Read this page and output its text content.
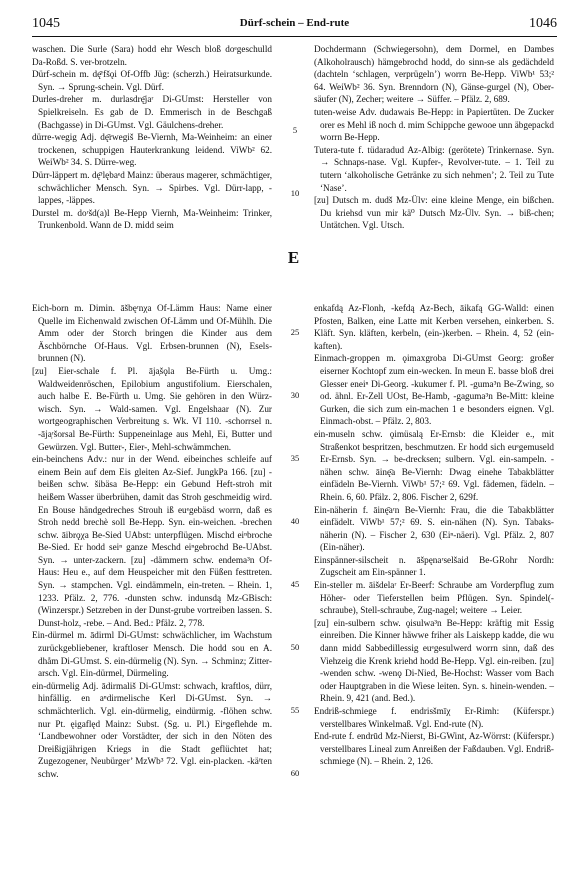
1045	Dürf-schein – End-rute	1046

waschen. Die Surle (Sara) hodd ehr Wesch bloß doᵉgeschulld Da-Roßd. S. ver-brotzeln.

Dürf-schein m. dę̄ʳfšǫi Of-Offb Jüg: (scherzh.) Heiratsurkunde. Syn. → Sprung-schein. Vgl. Dürf.

Durles-dreher m. durlasdrę̄jaʳ Di-GUmst: Hersteller von Spielkreiseln. Es gab de D. Emmerisch in de Beschgaß (Bachgasse) in Di-GUmst. Vgl. Gäulchens-dreher.

dürre-wegig Adj. dę̄rwegiš Be-Viernh, Ma-Weinheim: an einer trockenen, schuppigen Hauterkrankung leidend. ViWb² 62. WeiWb² 34. S. Dürre-weg.

Dürr-läppert m. dę̄ʳlębaᵉd Mainz: überaus magerer, schmächtiger, schwächlicher Mensch. Syn. → Spirbes. Vgl. Dürr-lapp, -lappes, -läppes.

Durstel m. doʳšd(a)l Be-Hepp Viernh, Ma-Weinheim: Trinker, Trunkenbold. Wann de D. midd seim

5
10

Dochdermann (Schwiegersohn), dem Dormel, en Dambes (Alkoholrausch) hämgebrochd hodd, do sinn-se als gedächdeld (dachteln ‘schlagen, verprügeln’) worrn Be-Hepp. ViWb¹ 53;² 64. WeiWb² 36. Syn. Brenndorn (N), Gänse-gurgel (N), Ober-säufer (N), Zecher; weitere → Süffer. – Pfälz. 2, 689.

tuten-weise Adv. dudawais Be-Hepp: in Papiertüten. De Zucker orer es Mehl iß noch d. mim Schippche gewooe unn äbgepackd worrn Be-Hepp.

Tutera-tute f. tüdaradud Az-Albig: (gerötete) Trinkernase. Syn. → Schnaps-nase. Vgl. Kupfer-, Revolver-tute. – 1. Teil zu tutern ‘alkoholische Getränke zu sich nehmen’; 2. Teil zu Tute ‘Nase’.

[zu] Dutsch m. dudš Mz-Ülv: eine kleine Menge, ein bißchen. Du kriehsd vun mir kä⁰ Dutsch Mz-Ülv. Syn. → biß-chen; Untätchen. Vgl. Utsch.

E

Eich-born m. Dimin. āšbęʳnχa Of-Lämm Haus: Name einer Quelle im Eichenwald zwischen Of-Lämm und Of-Mühlh. Die Amm oder der Storch bringen die Kinder aus dem Äschbörnche Of-Haus. Vgl. Erbsen-brunnen (N), Esels-brunnen (N).

[zu] Eier-schale f. Pl. āja̜šǫla Be-Fürth u. Umg.: Waldweidenröschen, Epilobium angustifolium. Eierschalen, auch halbe E. Be-Fürth u. Umg. Sie gehören in den Würz-wisch. Syn. → Wald-samen. Vgl. Engelshaar (N). Zur wortgeographischen Verbreitung s. Wk. VI 110. -schorrsel n. -āja̜ʳšorsal Be-Fürth: Suppeneinlage aus Mehl, Ei, Butter und Gewürzen. Vgl. Butter-, Eier-, Mehl-schwämmchen.

ein-beinchens Adv.: nur in der Wend. eibeinches schleife auf einem Bein auf dem Eis gleiten Az-Sief. JungkPa 166. [zu] -beißen schw. šibäsa Be-Hepp: ein Gebund Heft-stroh mit heißem Wasser überbrühen, damit das Stroh geschmeidig wird. En Bouse händgedreches Strouh iß euᵉgebäsd worrn, daß es Stroh nedd brechè soll Be-Hepp. Syn. ein-weichen. -brechen schw. āibrǫχa Be-Sied UAbst: unterpflügen. Mischd eiⁿbroche Be-Sied. Er hodd seiⁿ ganze Meschd eiⁿgebrochd Be-UAbst. Syn. → unter-zackern. [zu] -dämmern schw. endema³n Of-Haus: Heu e., auf dem Heuspeicher mit den Füßen festtreten. Syn. → stampchen. Vgl. eindämmeln, ein-treten. – Rhein. 1, 1233. Pfälz. 2, 776. -dunsten schw. indunsdą Mz-GBisch: (Winzerspr.) Setzreben in der Dunst-grube vortreiben lassen. S. Dunst-holz, -rebe. – And. Bed.: Pfälz. 2, 778.

Ein-dürmel m. ādirml Di-GUmst: schwächlicher, im Wachstum zurückgebliebener, kraftloser Mensch. Die hodd sou en A. dhåm Di-GUmst. S. ein-dürmelig (N). Syn. → Schminz; Zitter-arsch. Vgl. Ein-dürmel, Dürmeling.

ein-dürmelig Adj. ādirmališ Di-GUmst: schwach, kraftlos, dürr, hinfällig. en aⁿdirmelische Kerl Di-GUmst. Syn. → schmächterlich. Vgl. ein-dürmelig, eindürmig. -flöhen schw. nur Pt. ęigaflęd Mainz: Subst. (Sg. u. Pl.) Eiⁿgeflehde m. ‘Landbewohner oder Vorstädter, der sich in den Nöten des Dreißigjährigen Kriegs in die Stadt geflüchtet hat; Zugezogener, Neubürger’ MzWb³ 72. Vgl. ein-placken. -käᶠten schw.

25
30
35
40
45
50
55
60

enkafdą Az-Flonh, -kefdą Az-Bech, āikafą GG-Walld: einen Pfosten, Balken, eine Latte mit Kerben versehen, einkerben. S. Kläft. Syn. kläften, kerbeln, (ein-)kerben. – Rhein. 4, 52 (ein-kaften).

Einmach-groppen m. ǫimaxgroba Di-GUmst Georg: großer eiserner Kochtopf zum ein-wecken. In meun E. basse bloß drei Glesser eneiⁿ Di-Georg. -kukumer f. Pl. -guma³n Be-Zwing, so od. ähnl. Er-Zell UOst, Be-Hamb, -gaguma³n Be-Mitt: kleine Gurken, die sich zum ein-machen 1 e besonders eignen. Vgl. Einmach-obst. – Pfälz. 2, 803.

ein-museln schw. ǫimüsalą Er-Ernsb: die Kleider e., mit Straßenkot bespritzen, beschmutzen. Er hodd sich euᵉgemuseld Er-Ernsb. Syn. → be-drecksen; sulbern. Vgl. ein-sampeln. -nähen schw. āinę̄a Be-Viernh: Dwag einehe Tabakblätter einfädeln Be-Viernh. ViWb¹ 57;² 69. Vgl. fädemen, fädeln. – Rhein. 6, 60. Pfälz. 2, 806. Fischer 2, 629f.

Ein-näherin f. āinę̄aʳn Be-Viernh: Frau, die die Tabakblätter einfädelt. ViWb¹ 57;² 69. S. ein-nähen (N). Syn. Tabaks-näherin (N). – Fischer 2, 630 (Eiⁿ-näeri). Vgl. Pfälz. 2, 807 (Ein-näher).

Einspänner-silscheit n. āšpęnaʳselšaid Be-GRohr Nordh: Zugscheit am Ein-spänner 1.

Ein-steller m. āišdelaʳ Er-Beerf: Schraube am Vorderpflug zum Höher- oder Tieferstellen beim Pflügen. Syn. Spindel(-schraube), Stell-schraube, Zug-nagel; weitere → Leier.

[zu] ein-sulbern schw. ǫisulwa³n Be-Hepp: kräftig mit Essig einreiben. Die Kinner häwwe friher als Laiskepp kadde, die wu dann midd Sabbedillessig euᵉgesulwerd worrn sinn, daß des Viehzeig die Krenk kriehd hodd Be-Hepp. Vgl. ein-reiben. [zu] -wenden schw. -wenǫ Di-Nied, Be-Hochst: Wasser vom Bach oder Hauptgraben in die Wiese leiten. Syn. s. hinein-wenden. – Rhein. 9, 421 (and. Bed.).

Endriß-schmiege f. endrisšmīχ Er-Rimh: (Küferspr.) verstellbares Winkelmaß. Vgl. End-rute (N).

End-rute f. endrūd Mz-Nierst, Bi-GWint, Az-Wörrst: (Küferspr.) verstellbares Lineal zum Anreißen der Faßdauben. Vgl. Endriß-schmiege (N). – Rhein. 2, 126.
